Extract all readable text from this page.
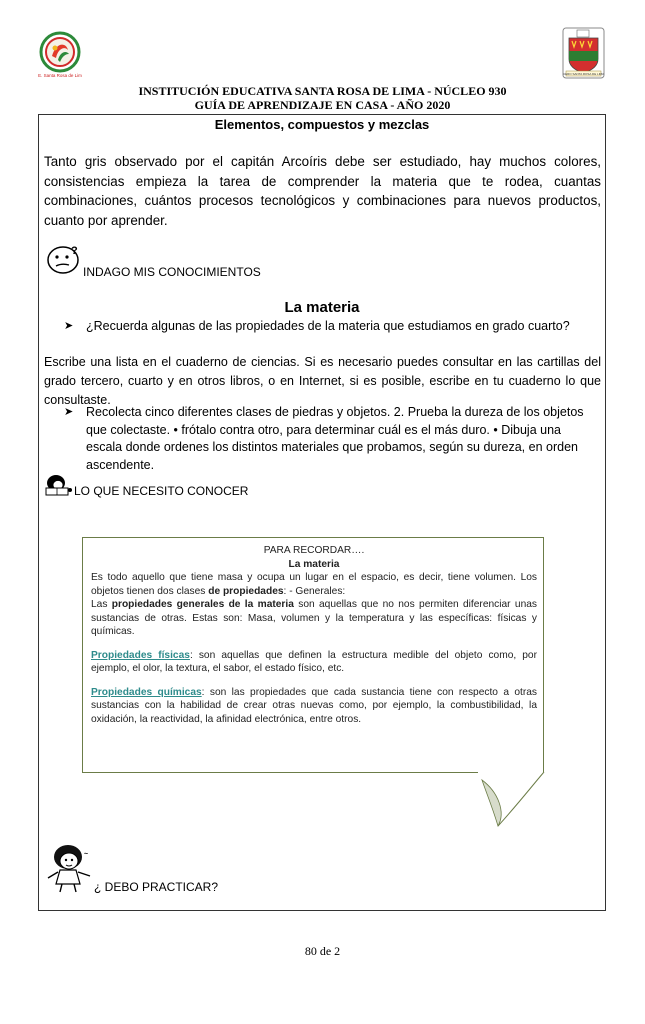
I.E. Santa Rosa de Lima	CERO SANTA ROSA DE LIMA
INSTITUCIÓN EDUCATIVA SANTA ROSA DE LIMA - NÚCLEO 930
GUÍA DE APRENDIZAJE EN CASA - AÑO 2020
Elementos, compuestos y mezclas
Tanto gris observado por el capitán Arcoíris debe ser estudiado, hay muchos colores, consistencias empieza la tarea de comprender la materia que te rodea, cuantas combinaciones, cuántos procesos tecnológicos y combinaciones para nuevos productos, cuanto por aprender.
?
INDAGO MIS CONOCIMIENTOS
La materia
➤ ¿Recuerda algunas de las propiedades de la materia que estudiamos en grado cuarto?
Escribe una lista en el cuaderno de ciencias. Si es necesario puedes consultar en las cartillas del grado tercero, cuarto y en otros libros, o en Internet, si es posible, escribe en tu cuaderno lo que consultaste.
➤ Recolecta cinco diferentes clases de piedras y objetos. 2. Prueba la dureza de los objetos que colectaste. • frótalo contra otro, para determinar cuál es el más duro. • Dibuja una escala donde ordenes los distintos materiales que probamos, según su dureza, en orden ascendente.
LO QUE NECESITO CONOCER
PARA RECORDAR….
La materia
Es todo aquello que tiene masa y ocupa un lugar en el espacio, es decir, tiene volumen. Los objetos tienen dos clases de propiedades: - Generales:
Las propiedades generales de la materia son aquellas que no nos permiten diferenciar unas sustancias de otras. Estas son: Masa, volumen y la temperatura y las específicas: físicas y químicas.
Propiedades físicas: son aquellas que definen la estructura medible del objeto como, por ejemplo, el olor, la textura, el sabor, el estado físico, etc.
Propiedades químicas: son las propiedades que cada sustancia tiene con respecto a otras sustancias con la habilidad de crear otras nuevas como, por ejemplo, la combustibilidad, la oxidación, la reactividad, la afinidad electrónica, entre otros.
~
¿ DEBO PRACTICAR?
80 de 2
